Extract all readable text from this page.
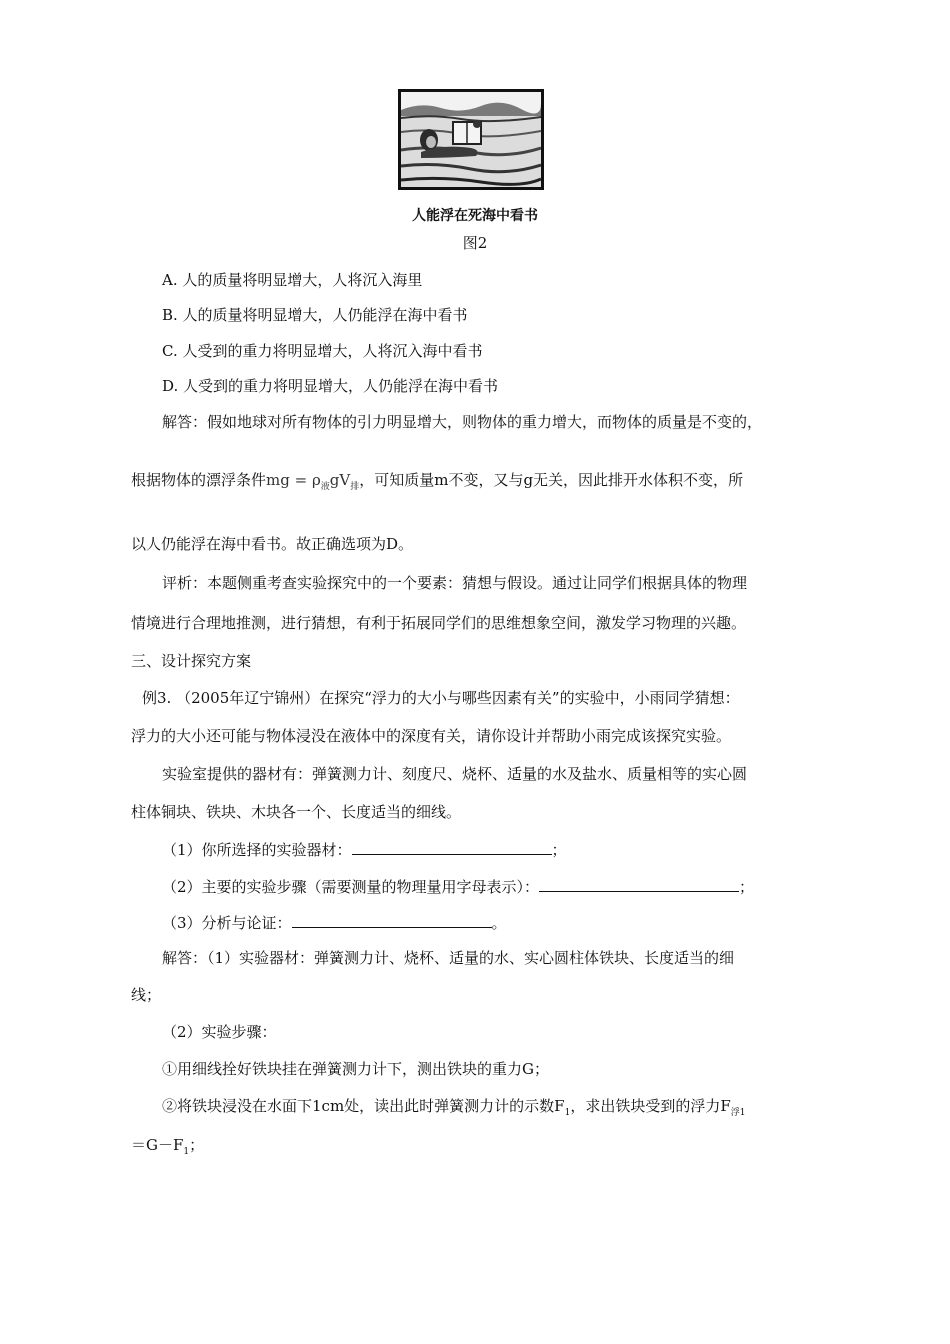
人能浮在死海中看书
图2
A. 人的质量将明显增大，人将沉入海里
B. 人的质量将明显增大，人仍能浮在海中看书
C. 人受到的重力将明显增大，人将沉入海中看书
D. 人受到的重力将明显增大，人仍能浮在海中看书
解答：假如地球对所有物体的引力明显增大，则物体的重力增大，而物体的质量是不变的，
根据物体的漂浮条件mg = $\rho_液gV_排$，可知质量m不变，又与g无关，因此排开水体积不变，所
以人仍能浮在海中看书。故正确选项为D。
评析：本题侧重考查实验探究中的一个要素：猜想与假设。通过让同学们根据具体的物理
情境进行合理地推测，进行猜想，有利于拓展同学们的思维想象空间，激发学习物理的兴趣。
三、设计探究方案
例3. （2005年辽宁锦州）在探究“浮力的大小与哪些因素有关”的实验中，小雨同学猜想：
浮力的大小还可能与物体浸没在液体中的深度有关，请你设计并帮助小雨完成该探究实验。
实验室提供的器材有：弹簧测力计、刻度尺、烧杯、适量的水及盐水、质量相等的实心圆
柱体铜块、铁块、木块各一个、长度适当的细线。
（1）你所选择的实验器材：	；
（2）主要的实验步骤（需要测量的物理量用字母表示）：	；
（3）分析与论证：	。
解答：（1）实验器材：弹簧测力计、烧杯、适量的水、实心圆柱体铁块、长度适当的细
线；
（2）实验步骤：
①用细线拴好铁块挂在弹簧测力计下，测出铁块的重力G；
②将铁块浸没在水面下1cm处，读出此时弹簧测力计的示数$F_1$，求出铁块受到的浮力$F_{浮1}$
$=G-F_1$；
